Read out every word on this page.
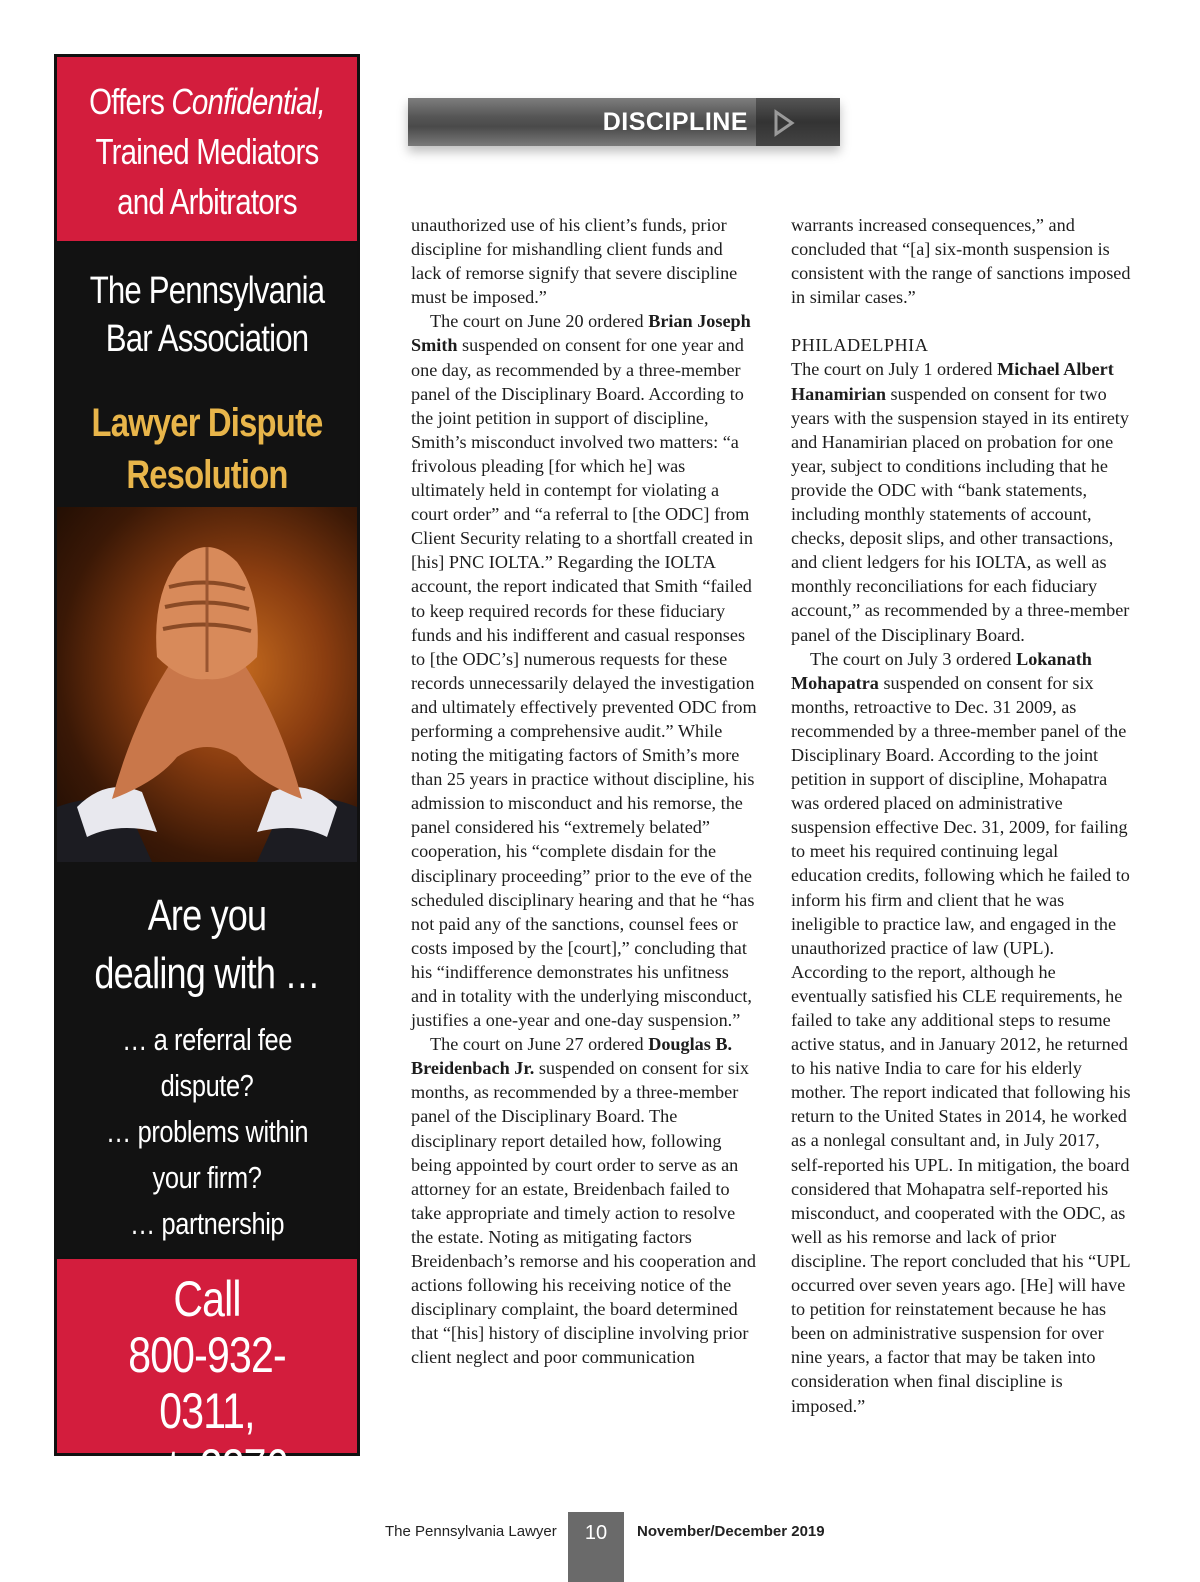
Offers Confidential,
Trained Mediators
and Arbitrators
The Pennsylvania
Bar Association
Lawyer Dispute
Resolution
Are you
dealing with …
… a referral fee dispute?
… problems within
your firm?
… partnership
Call
800-932-0311,
ext. 2276
DISCIPLINE

unauthorized use of his client’s funds, prior discipline for mishandling client funds and lack of remorse signify that severe discipline must be imposed.”

The court on June 20 ordered Brian Joseph Smith suspended on consent for one year and one day, as recommended by a three-member panel of the Disciplinary Board. According to the joint petition in support of discipline, Smith’s misconduct involved two matters: “a frivolous pleading [for which he] was ultimately held in contempt for violating a court order” and “a referral to [the ODC] from Client Security relating to a shortfall created in [his] PNC IOLTA.” Regarding the IOLTA account, the report indicated that Smith “failed to keep required records for these fiduciary funds and his indifferent and casual responses to [the ODC’s] numerous requests for these records unnecessarily delayed the investigation and ultimately effectively prevented ODC from performing a comprehensive audit.” While noting the mitigating factors of Smith’s more than 25 years in practice without discipline, his admission to misconduct and his remorse, the panel considered his “extremely belated” cooperation, his “complete disdain for the disciplinary proceeding” prior to the eve of the scheduled disciplinary hearing and that he “has not paid any of the sanctions, counsel fees or costs imposed by the [court],” concluding that his “indifference demonstrates his unfitness and in totality with the underlying misconduct, justifies a one-year and one-day suspension.”

The court on June 27 ordered Douglas B. Breidenbach Jr. suspended on consent for six months, as recommended by a three-member panel of the Disciplinary Board. The disciplinary report detailed how, following being appointed by court order to serve as an attorney for an estate, Breidenbach failed to take appropriate and timely action to resolve the estate. Noting as mitigating factors Breidenbach’s remorse and his cooperation and actions following his receiving notice of the disciplinary complaint, the board determined that “[his] history of discipline involving prior client neglect and poor communication

warrants increased consequences,” and concluded that “[a] six-month suspension is consistent with the range of sanctions imposed in similar cases.”

PHILADELPHIA

The court on July 1 ordered Michael Albert Hanamirian suspended on consent for two years with the suspension stayed in its entirety and Hanamirian placed on probation for one year, subject to conditions including that he provide the ODC with “bank statements, including monthly statements of account, checks, deposit slips, and other transactions, and client ledgers for his IOLTA, as well as monthly reconciliations for each fiduciary account,” as recommended by a three-member panel of the Disciplinary Board.

The court on July 3 ordered Lokanath Mohapatra suspended on consent for six months, retroactive to Dec. 31 2009, as recommended by a three-member panel of the Disciplinary Board. According to the joint petition in support of discipline, Mohapatra was ordered placed on administrative suspension effective Dec. 31, 2009, for failing to meet his required continuing legal education credits, following which he failed to inform his firm and client that he was ineligible to practice law, and engaged in the unauthorized practice of law (UPL). According to the report, although he eventually satisfied his CLE requirements, he failed to take any additional steps to resume active status, and in January 2012, he returned to his native India to care for his elderly mother. The report indicated that following his return to the United States in 2014, he worked as a nonlegal consultant and, in July 2017, self-reported his UPL. In mitigation, the board considered that Mohapatra self-reported his misconduct, and cooperated with the ODC, as well as his remorse and lack of prior discipline. The report concluded that his “UPL occurred over seven years ago. [He] will have to petition for reinstatement because he has been on administrative suspension for over nine years, a factor that may be taken into consideration when final discipline is imposed.”

The Pennsylvania Lawyer	10	November/December 2019
